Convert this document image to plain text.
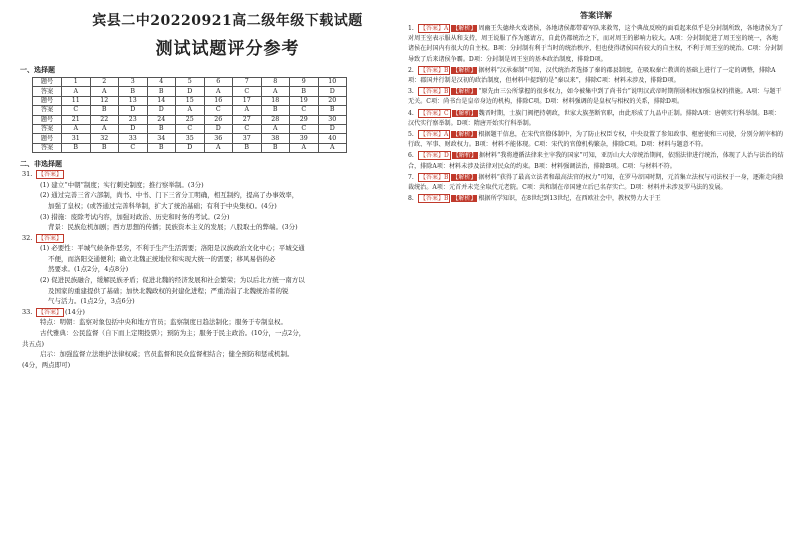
宾县二中20220921高二级年级下载试题
测试试题评分参考
一、选择题
题号	1	2	3	4	5	6	7	8	9	10
答案	A	A	B	B	D	A	C	A	B	D
题号	11	12	13	14	15	16	17	18	19	20
答案	C	B	D	D	A	C	A	B	C	B
题号	21	22	23	24	25	26	27	28	29	30
答案	A	A	D	B	C	D	C	A	C	D
题号	31	32	33	34	35	36	37	38	39	40
答案	B	B	C	B	D	A	B	B	A	A
二、非选择题
31. 【答案】
(1) 建立“中朝”制度；实行刺史制度；推行察举制。(3分)
(2) 通过完善三省六部制，尚书、中书、门下三省分工明确，相互制约，提高了办事效率，
加强了皇权；(或答通过完善科举制，扩大了统治基础；有利于中央集权)。(4分)
(3) 措施：废除考试内容，加强对政治、历史和时务的考试。(2分)
背景：民族危机加剧；西方思想的传播；民族资本主义的发展；八股取士的弊端。(3分)
32. 【答案】
(1) 必要性：平城气候条件恶劣，不利于生产生活需要；洛阳是汉族政治文化中心；平城交通
不便，而洛阳交通便利；确立北魏正统地位和实现大统一的需要；移风易俗的必
然要求。(1点2分，4点8分)
(2) 促进民族融合，缓解民族矛盾；促进北魏的经济发展和社会繁荣；为以后北方统一南方以
及国家的重建提供了基础；加快北魏政权的封建化进程；严重消弱了北魏统治者的锐
气与活力。(1点2分，3点6分)
33. 【答案】 (14分)
特点：明朝：监察对象包括中央和地方官员；监察制度日趋法制化；服务于专制皇权。
古代雅典：公民监督（自下而上定期投票）；预防为主；服务于民主政治。(10分，一点2分，
共五点)
启示：加强监督立法维护法律权威；官员监督和民众监督相结合；健全预防和惩戒机制。
(4分，两点即可)
答案详解
1. 【答案】A 【解析】 周幽王失德烽火戏诸侯，各地诸侯都带着军队来救驾，这个典故反映的面看起来似乎是分封制所致，各地诸侯为了对周王室表示服从和支持，周王说服了作为邀请方，自此仍都统治之下，而对周王的影响力较大。A项：分封制促进了周王室的统一，各地诸侯在封国内有很大的自主权。B项：分封制有利于当时的统治秩序，但也使得诸侯国有较大的自主权，不利于周王室的统治。C项：分封制导致了后来诸侯争霸。D项：分封制是周王室的基本政治制度，排除D项。
2. 【答案】B 【解析】 据材料“汉承秦制”可知，汉代统治者选择了秦的郡县制度，在吸取秦亡教训的基础上进行了一定的调整，排除A项：郡国并行制是汉初的政治制度，但材料中提到的是“秦以来”，排除C项：材料未涉及，排除D项。
3. 【答案】B 【解析】 “原先由三公所掌握的很多权力，如今被集中到了尚书台”说明汉武帝时期削弱相权加强皇权的措施。A项：与题干无关。C项：尚书台是皇帝身边的机构，排除C项。D项：材料强调的是皇权与相权的关系，排除D项。
4. 【答案】C 【解析】 魏晋时期，士族门阀把持朝政，世家大族垄断官职，由此形成了九品中正制。排除A项：唐朝实行科举制。B项：汉代实行察举制。D项：隋唐开始实行科举制。
5. 【答案】A 【解析】 根据题干信息，在宋代官僚体制中，为了防止权臣专权，中央设置了参知政事、枢密使和三司使，分别分割宰相的行政、军事、财政权力。B项：材料不能体现。C项：宋代的官僚机构繁杂，排除C项。D项：材料与题意不符。
6. 【答案】D 【解析】 据材料“我将遵循法律来主宰我的国家”可知，亚历山大大帝统治期间，依照法律进行统治，体现了人治与法治的结合，排除A项：材料未涉及法律对民众的约束。B项：材料强调法治，排除B项。C项：与材料不符。
7. 【答案】B 【解析】 据材料“获得了最高立法者和最高法官的权力”可知，在罗马帝国时期，元首集立法权与司法权于一身，逐渐走向独裁统治。A项：元首并未完全取代元老院。C项：共和制在帝国建立后已名存实亡。D项：材料并未涉及罗马法的发展。
8. 【答案】B 【解析】 根据所学知识，在8世纪到13世纪，在西欧社会中，教权势力大于王
